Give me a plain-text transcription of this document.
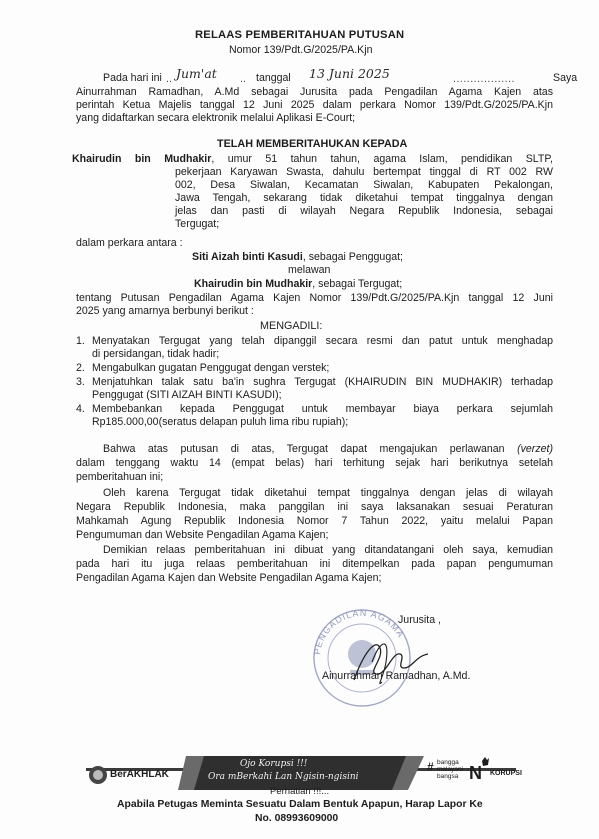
RELAAS PEMBERITAHUAN PUTUSAN
Nomor 139/Pdt.G/2025/PA.Kjn
Pada hari ini .. Jum'at .. tanggal 13 Juni 2025	..................	Saya
Ainurrahman Ramadhan, A.Md sebagai Jurusita pada Pengadilan Agama Kajen atas
perintah Ketua Majelis tanggal 12 Juni 2025 dalam perkara Nomor 139/Pdt.G/2025/PA.Kjn
yang didaftarkan secara elektronik melalui Aplikasi E-Court;
TELAH MEMBERITAHUKAN KEPADA
Khairudin bin Mudhakir, umur 51 tahun tahun, agama Islam, pendidikan SLTP,
pekerjaan Karyawan Swasta, dahulu bertempat tinggal di RT 002 RW
002, Desa Siwalan, Kecamatan Siwalan, Kabupaten Pekalongan,
Jawa Tengah, sekarang tidak diketahui tempat tinggalnya dengan
jelas dan pasti di wilayah Negara Republik Indonesia, sebagai
Tergugat;
dalam perkara antara :
Siti Aizah binti Kasudi, sebagai Penggugat;
melawan
Khairudin bin Mudhakir, sebagai Tergugat;
tentang Putusan Pengadilan Agama Kajen Nomor 139/Pdt.G/2025/PA.Kjn tanggal 12 Juni
2025 yang amarnya berbunyi berikut :
MENGADILI:
1. Menyatakan Tergugat yang telah dipanggil secara resmi dan patut untuk menghadap
di persidangan, tidak hadir;
2. Mengabulkan gugatan Penggugat dengan verstek;
3. Menjatuhkan talak satu ba'in sughra Tergugat (KHAIRUDIN BIN MUDHAKIR) terhadap
Penggugat (SITI AIZAH BINTI KASUDI);
4. Membebankan kepada Penggugat untuk membayar biaya perkara sejumlah
Rp185.000,00(seratus delapan puluh lima ribu rupiah);
Bahwa atas putusan di atas, Tergugat dapat mengajukan perlawanan (verzet)
dalam tenggang waktu 14 (empat belas) hari terhitung sejak hari berikutnya setelah
pemberitahuan ini;
Oleh karena Tergugat tidak diketahui tempat tinggalnya dengan jelas di wilayah
Negara Republik Indonesia, maka panggilan ini saya laksanakan sesuai Peraturan
Mahkamah Agung Republik Indonesia Nomor 7 Tahun 2022, yaitu melalui Papan
Pengumuman dan Website Pengadilan Agama Kajen;
Demikian relaas pemberitahuan ini dibuat yang ditandatangani oleh saya, kemudian
pada hari itu juga relaas pemberitahuan ini ditempelkan pada papan pengumuman
Pengadilan Agama Kajen dan Website Pengadilan Agama Kajen;
Jurusita ,
PENGADILAN AGAMA
Ainurrahman Ramadhan, A.Md.
BerAKHLAK
Ojo Korupsi !!!
Ora mBerkahi Lan Ngisin-ngisini
# bangga
melayani
bangsa N KORUPSI
Perhatian !!!...
Apabila Petugas Meminta Sesuatu Dalam Bentuk Apapun, Harap Lapor Ke
No. 08993609000
